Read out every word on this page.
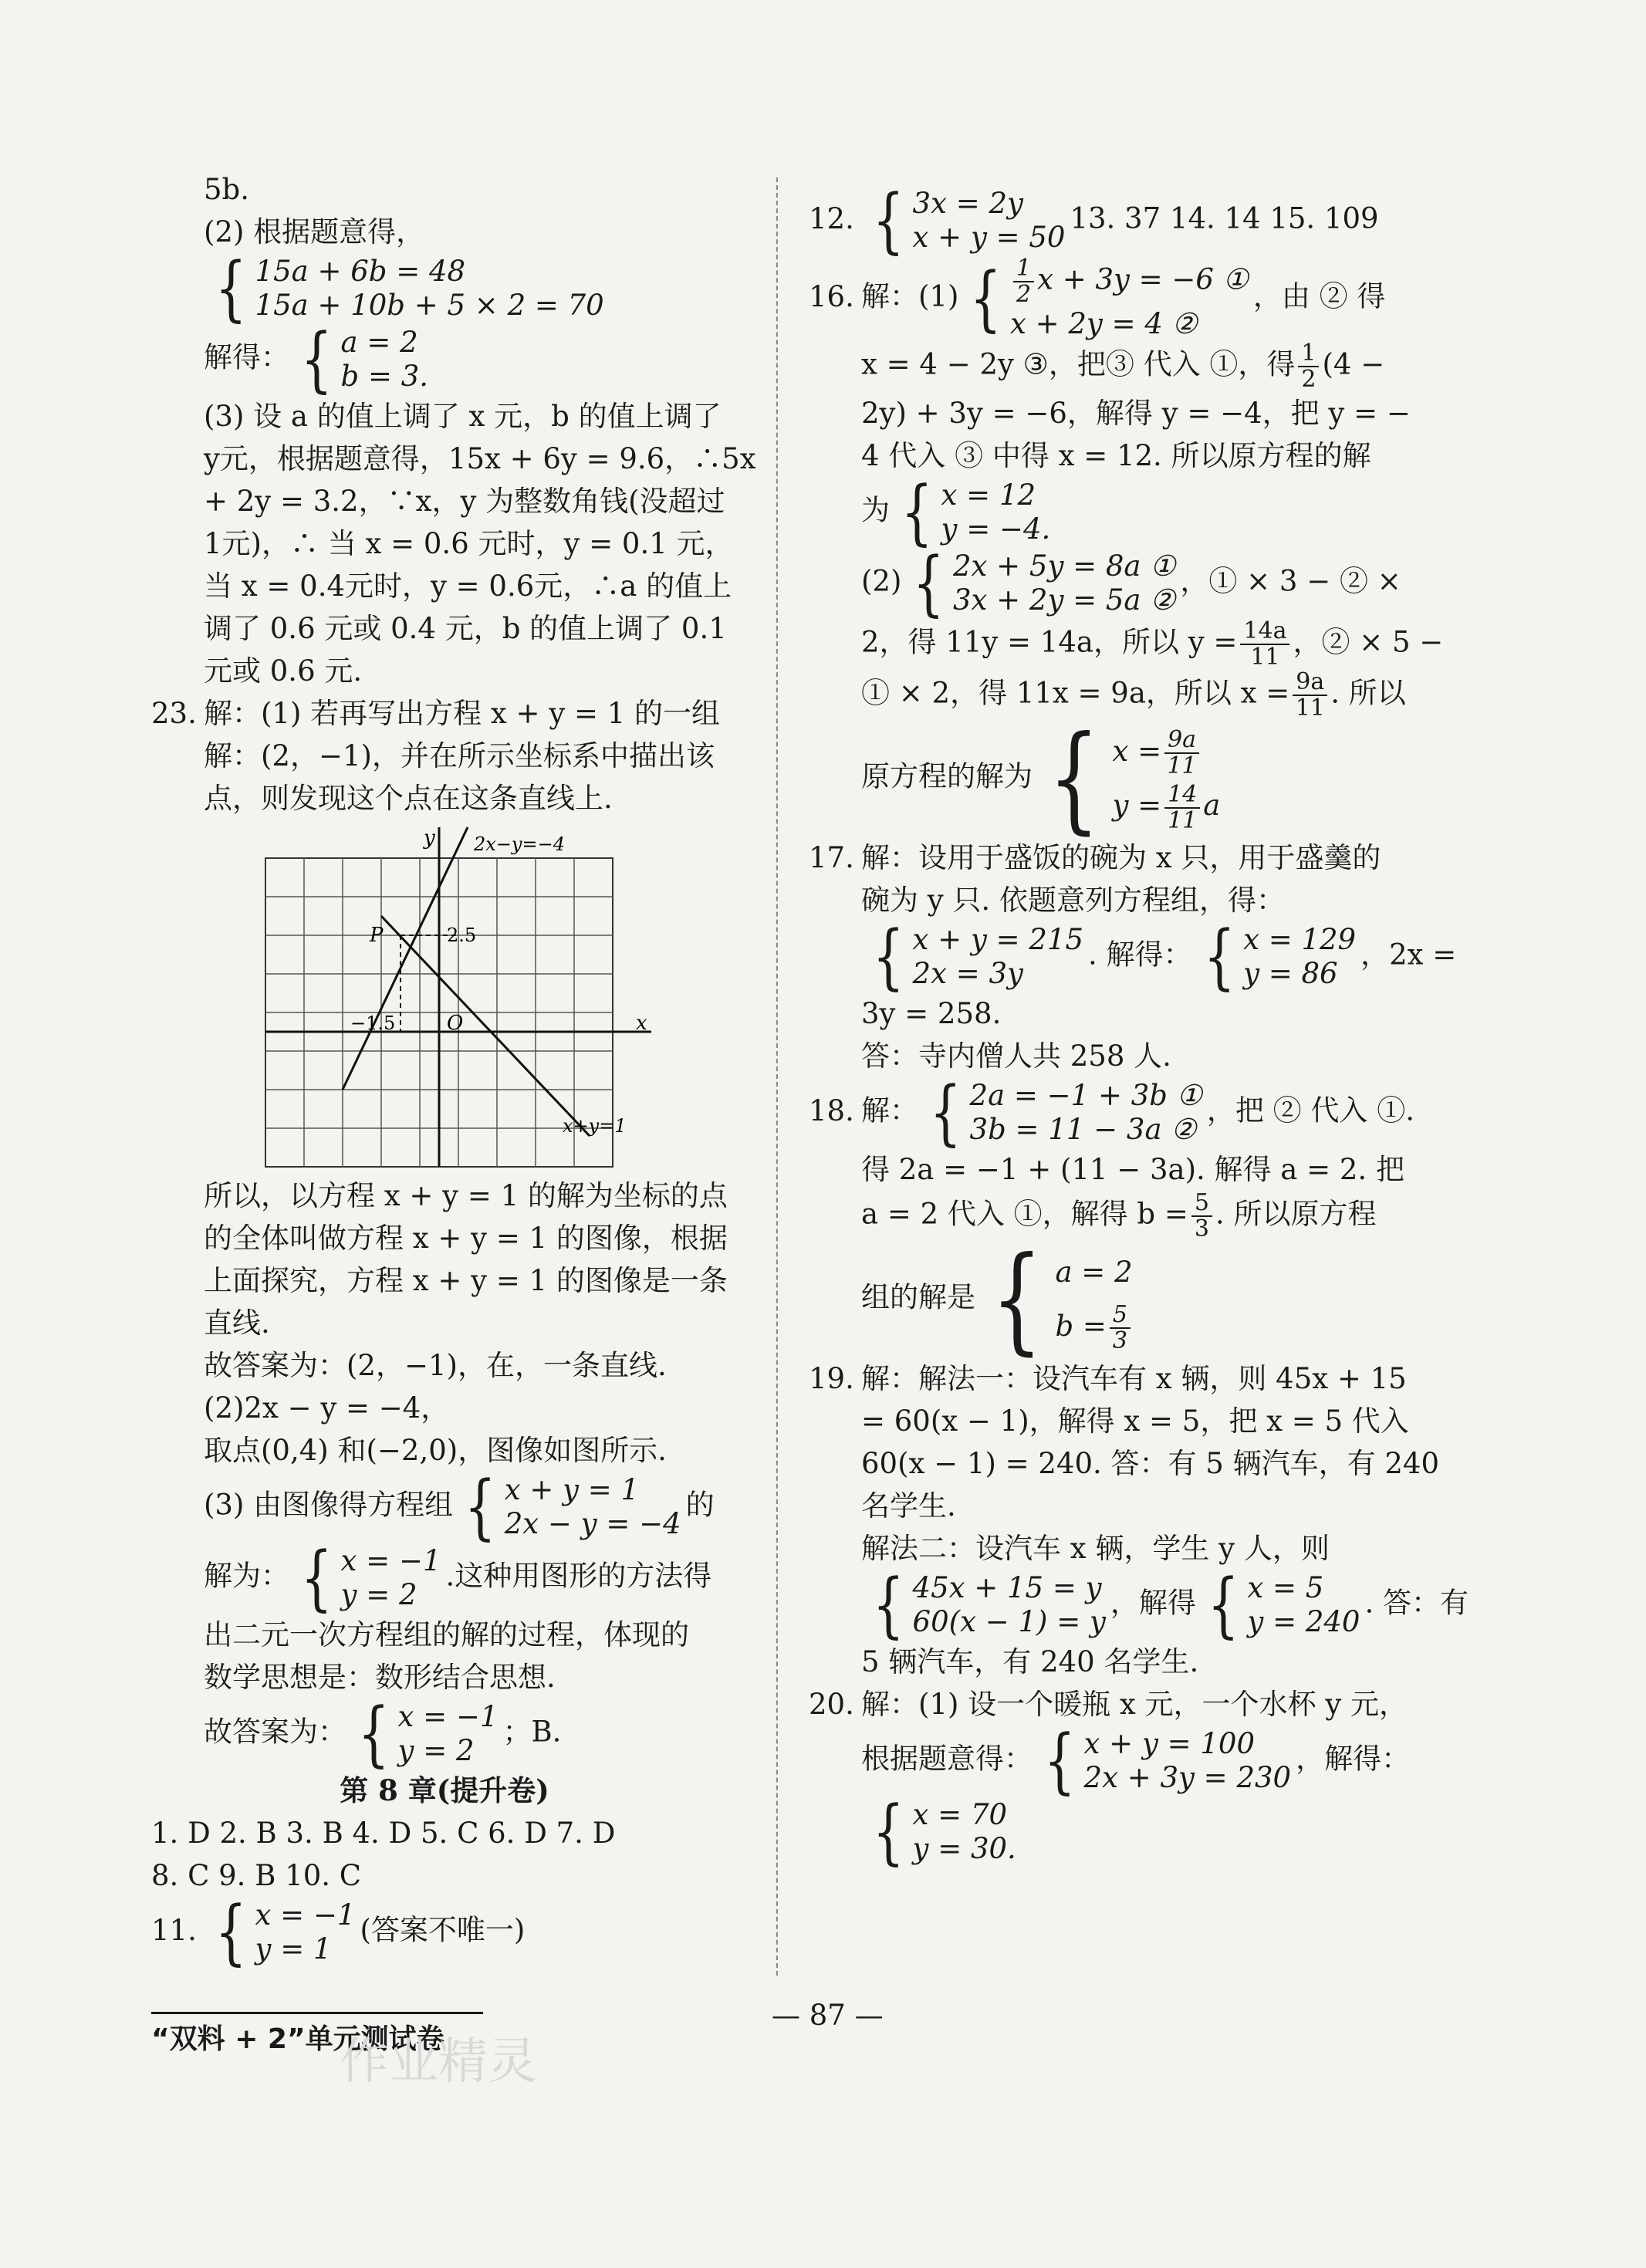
5b.
(2) 根据题意得，
{ 15a + 6b = 48
15a + 10b + 5 × 2 = 70
解得： { a = 2
b = 3.
(3) 设 a 的值上调了 x 元，b 的值上调了
y元，根据题意得，15x + 6y = 9.6，∴5x
+ 2y = 3.2，∵x，y 为整数角钱(没超过
1元)，∴ 当 x = 0.6 元时，y = 0.1 元，
当 x = 0.4元时，y = 0.6元，∴a 的值上
调了 0.6 元或 0.4 元，b 的值上调了 0.1
元或 0.6 元.
23. 解：(1) 若再写出方程 x + y = 1 的一组
解：(2，−1)，并在所示坐标系中描出该
点，则发现这个点在这条直线上.
2x−y=−4
x+y=1
x
y
O
P	2.5
−1.5
所以，以方程 x + y = 1 的解为坐标的点
的全体叫做方程 x + y = 1 的图像，根据
上面探究，方程 x + y = 1 的图像是一条
直线.
故答案为：(2，−1)，在，一条直线.
(2)2x − y = −4，
取点(0,4) 和(−2,0)，图像如图所示.
(3) 由图像得方程组 { x + y = 1
2x − y = −4
的
解为： { x = −1
y = 2
.这种用图形的方法得
出二元一次方程组的解的过程，体现的
数学思想是：数形结合思想.
故答案为： { x = −1
y = 2
；B.
第 8 章(提升卷)
1. D 2. B 3. B 4. D 5. C 6. D 7. D
8. C 9. B 10. C
11. { x = −1
y = 1
(答案不唯一)
12. { 3x = 2y
x + y = 50
13. 37 14. 14 15. 109
16. 解：(1) { $\frac{1}{2}$ x + 3y = −6 ①
x + 2y = 4 ②
，由 ② 得
x = 4 − 2y ③，把③ 代入 ①，得 $\frac{1}{2} (4$ −
2y) + 3y = −6，解得 y = −4，把 y = −
4 代入 ③ 中得 x = 12. 所以原方程的解
为 { x = 12
y = −4.
(2) { 2x + 5y = 8a ①
3x + 2y = 5a ②
，① × 3 − ② ×
2，得 11y = 14a，所以 $y = \frac{14a}{11}$ ，② × 5 −
① × 2，得 11x = 9a，所以 $x = \frac{9a}{11}$ . 所以
原方程的解为 { $x = \frac{9a}{11}$
$y = \frac{14}{11}$ a
17. 解：设用于盛饭的碗为 x 只，用于盛羹的
碗为 y 只. 依题意列方程组，得：
{ x + y = 215
2x = 3y
. 解得： { x = 129
y = 86
，2x =
3y = 258.
答：寺内僧人共 258 人.
18. 解： { 2a = −1 + 3b ①
3b = 11 − 3a ②
，把 ② 代入 ①.
得 2a = −1 + (11 − 3a). 解得 a = 2. 把
a = 2 代入 ①，解得 $b = \frac{5}{3}$ . 所以原方程
组的解是 { a = 2
$b = \frac{5}{3}$
19. 解：解法一：设汽车有 x 辆，则 45x + 15
= 60(x − 1)，解得 x = 5，把 x = 5 代入
60(x − 1) = 240. 答：有 5 辆汽车，有 240
名学生.
解法二：设汽车 x 辆，学生 y 人，则
{ 45x + 15 = y
60(x − 1) = y
，解得 { x = 5
y = 240
. 答：有
5 辆汽车，有 240 名学生.
20. 解：(1) 设一个暖瓶 x 元，一个水杯 y 元，
根据题意得： { x + y = 100
2x + 3y = 230
，解得：
{ x = 70
y = 30.
— 87 —
“双料 + 2”单元测试卷
作业精灵
